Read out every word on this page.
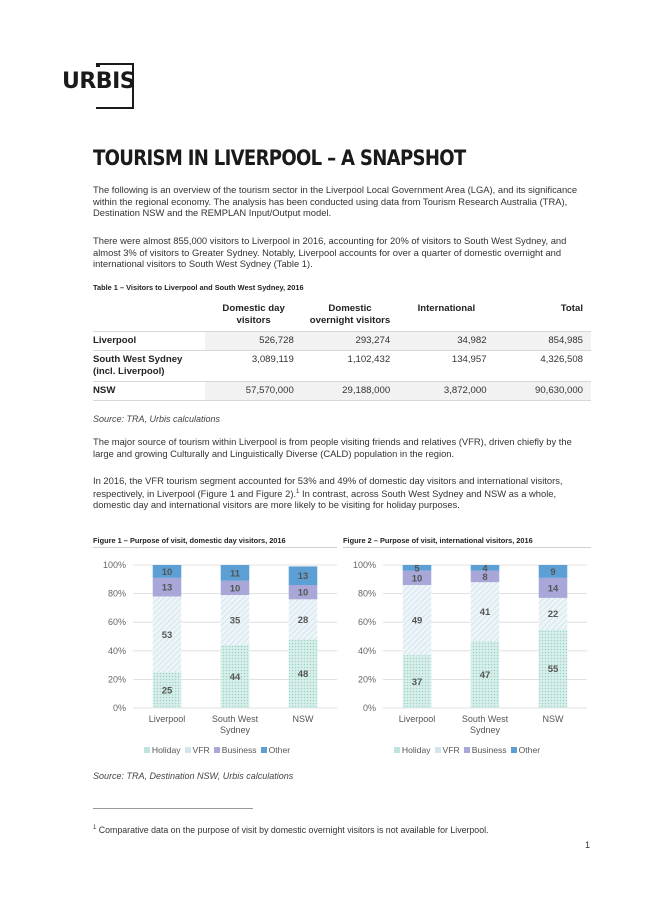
URBIS
TOURISM IN LIVERPOOL – A SNAPSHOT

The following is an overview of the tourism sector in the Liverpool Local Government Area (LGA), and its significance within the regional economy. The analysis has been conducted using data from Tourism Research Australia (TRA), Destination NSW and the REMPLAN Input/Output model.

There were almost 855,000 visitors to Liverpool in 2016, accounting for 20% of visitors to South West Sydney, and almost 3% of visitors to Greater Sydney. Notably, Liverpool accounts for over a quarter of domestic overnight and international visitors to South West Sydney (Table 1).

Table 1 – Visitors to Liverpool and South West Sydney, 2016
	Domestic day visitors	Domestic overnight visitors	International	Total
Liverpool	526,728	293,274	34,982	854,985
South West Sydney (incl. Liverpool)	3,089,119	1,102,432	134,957	4,326,508
NSW	57,570,000	29,188,000	3,872,000	90,630,000
Source: TRA, Urbis calculations

The major source of tourism within Liverpool is from people visiting friends and relatives (VFR), driven chiefly by the large and growing Culturally and Linguistically Diverse (CALD) population in the region.

In 2016, the VFR tourism segment accounted for 53% and 49% of domestic day visitors and international visitors, respectively, in Liverpool (Figure 1 and Figure 2).$^1$ In contrast, across South West Sydney and NSW as a whole, domestic day and international visitors are more likely to be visiting for holiday purposes.

Figure 1 – Purpose of visit, domestic day visitors, 2016	Figure 2 – Purpose of visit, international visitors, 2016
0%
20%
40%
60%
80%
100%
25
53
13
10
Liverpool
44
35
10
11
South West
Sydney
48
28
10
13
NSW
Holiday VFR Business Other
0%
20%
40%
60%
80%
100%
37
49
10
5
Liverpool
47
41
8
4
South West
Sydney
55
22
14
9
NSW
Holiday VFR Business Other
Source: TRA, Destination NSW, Urbis calculations
$^1$ Comparative data on the purpose of visit by domestic overnight visitors is not available for Liverpool.
1
